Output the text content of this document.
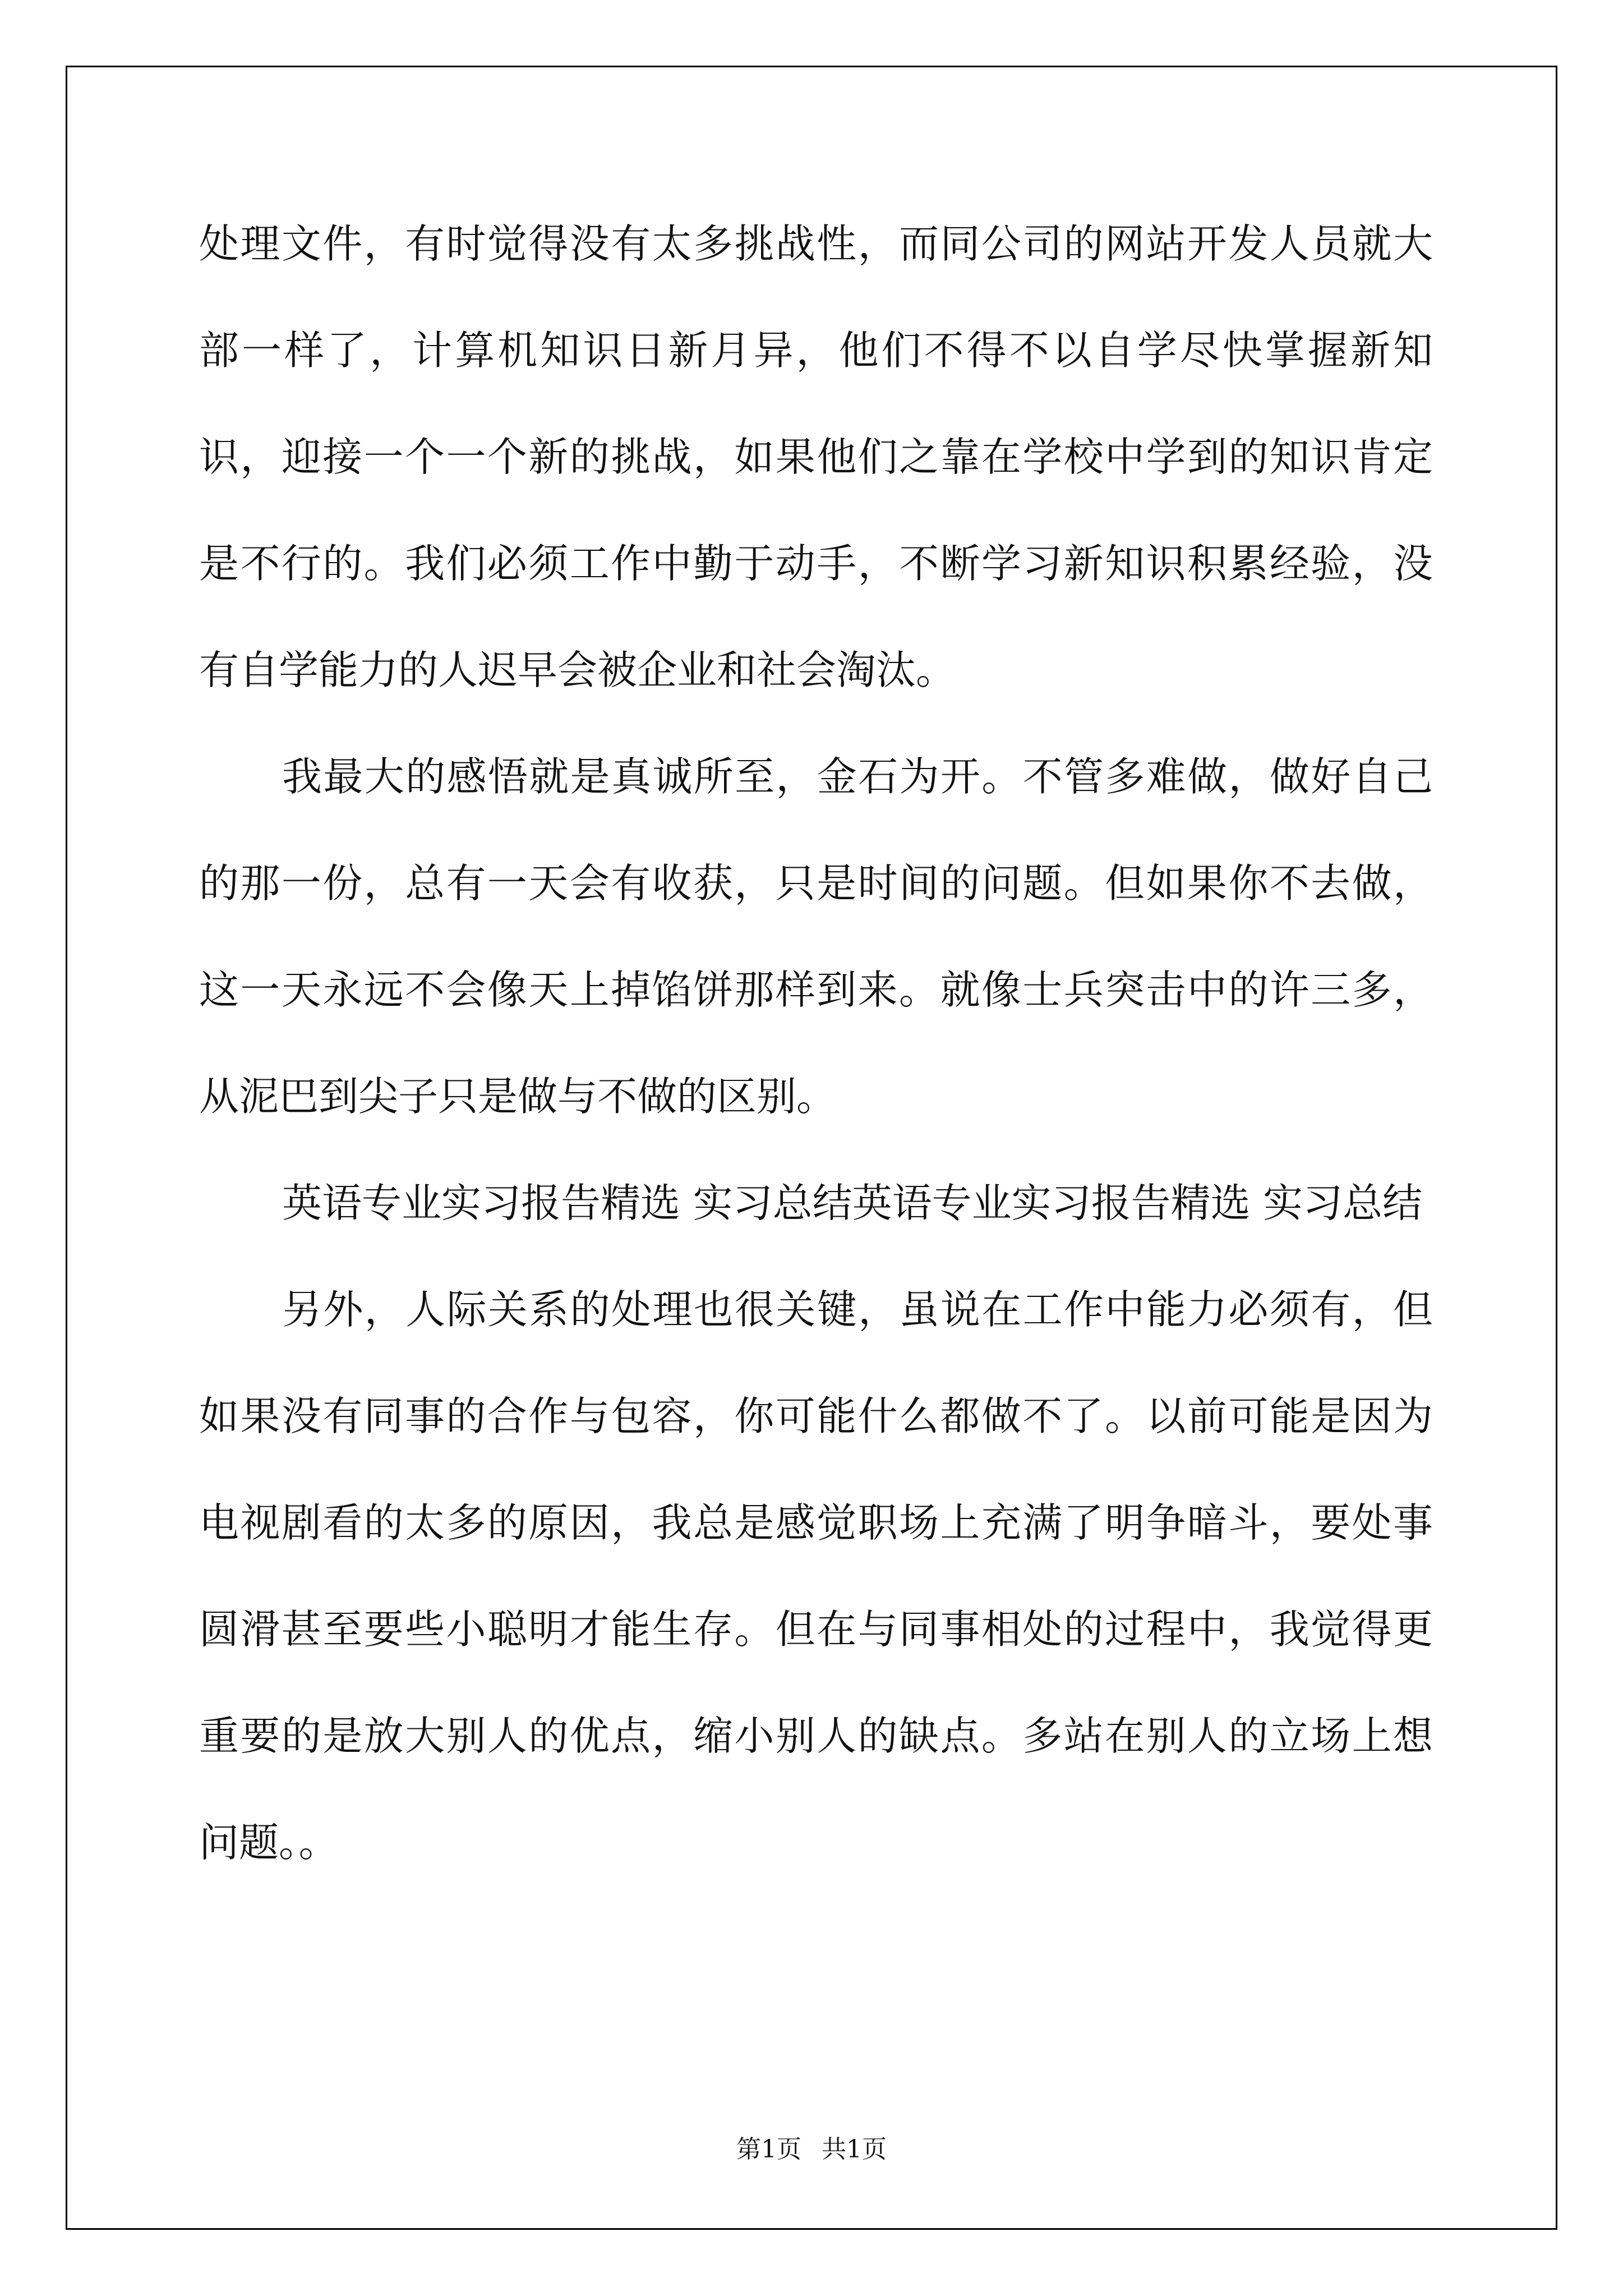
处理文件，有时觉得没有太多挑战性，而同公司的网站开发人员就大部一样了，计算机知识日新月异，他们不得不以自学尽快掌握新知识，迎接一个一个新的挑战，如果他们之靠在学校中学到的知识肯定是不行的。我们必须工作中勤于动手，不断学习新知识积累经验，没有自学能力的人迟早会被企业和社会淘汰。

我最大的感悟就是真诚所至，金石为开。不管多难做，做好自己的那一份，总有一天会有收获，只是时间的问题。但如果你不去做，这一天永远不会像天上掉馅饼那样到来。就像士兵突击中的许三多，从泥巴到尖子只是做与不做的区别。

英语专业实习报告精选 实习总结英语专业实习报告精选 实习总结

另外，人际关系的处理也很关键，虽说在工作中能力必须有，但如果没有同事的合作与包容，你可能什么都做不了。以前可能是因为电视剧看的太多的原因，我总是感觉职场上充满了明争暗斗，要处事圆滑甚至要些小聪明才能生存。但在与同事相处的过程中，我觉得更重要的是放大别人的优点，缩小别人的缺点。多站在别人的立场上想问题。。

第1页 共1页
